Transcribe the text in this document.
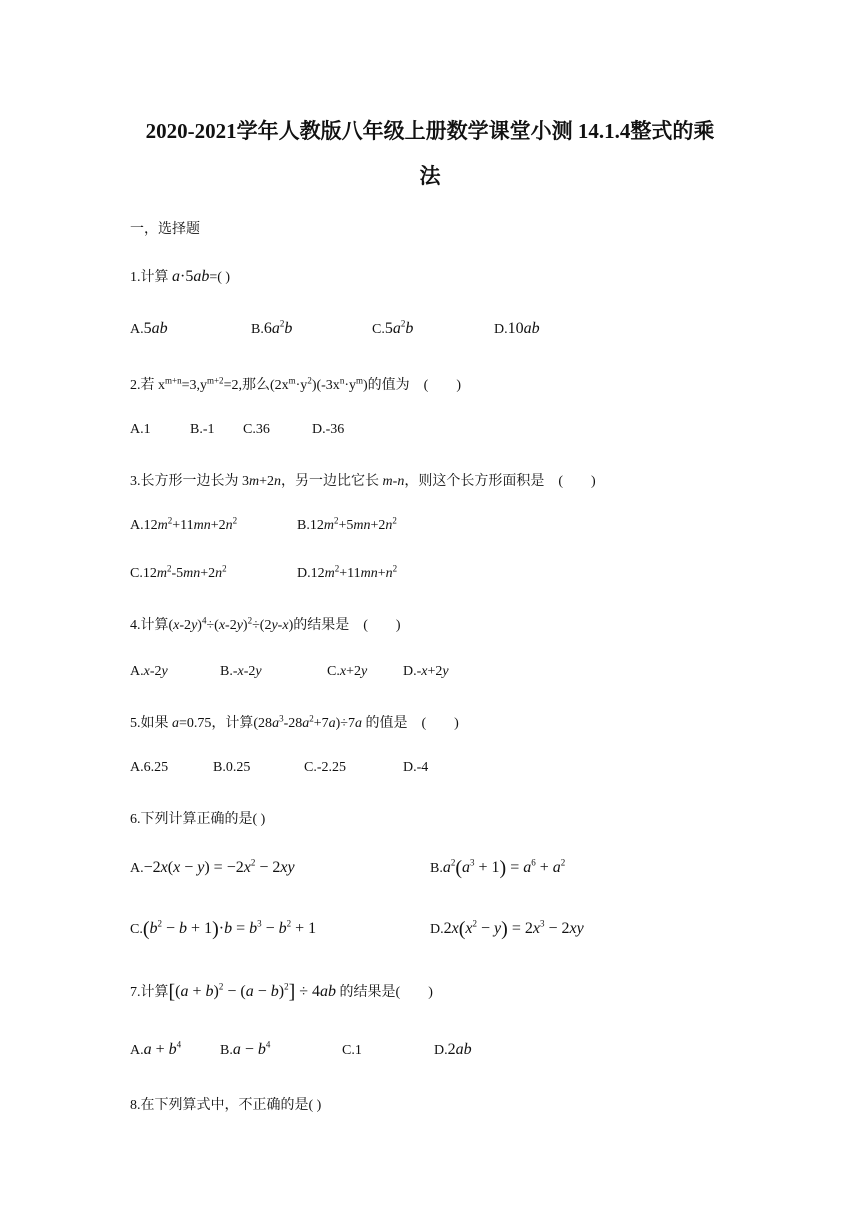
2020-2021学年人教版八年级上册数学课堂小测 14.1.4整式的乘
法
一，选择题
1.计算 a·5ab=( )
A.5ab	$B.6a^2b$	$C.5a^2b$	D.10ab
2.若 $x^{m+n}=3,y^{m+2}=2$,那么$(2x^m\cdot y^2)(-3x^n\cdot y^m)$的值为　(　　)
A.1	B.-1 C.36	D.-36
3.长方形一边长为 3m+2n，另一边比它长 m-n，则这个长方形面积是　(　　)
$A.12m^2+11mn+2n^2$	$B.12m^2+5mn+2n^2$
$C.12m^2-5mn+2n^2$	$D.12m^2+11mn+n^2$
4.计算$(x-2y)^4\div(x-2y)^2\div(2y-x)$的结果是　(　　)
A.x-2y	B.-x-2y	C.x+2y	D.-x+2y
5.如果 a=0.75，计算$(28a^3-28a^2+7a)\div 7a$ 的值是　(　　)
A.6.25	B.0.25	C.-2.25	D.-4
6.下列计算正确的是( )
$A.-2x(x - y) = -2x^2 - 2xy$	$B.a^2(a^3 + 1) = a^6 + a^2$
$C.(b^2 - b + 1)\cdot b = b^3 - b^2 + 1$	$D.2x(x^2 - y) = 2x^3 - 2xy$
7.计算$[(a + b)^2 - (a - b)^2] \div 4ab$ 的结果是(　　)
$A.a + b^4$	$B.a - b^4$	C.1	D.2ab
8.在下列算式中，不正确的是( )
